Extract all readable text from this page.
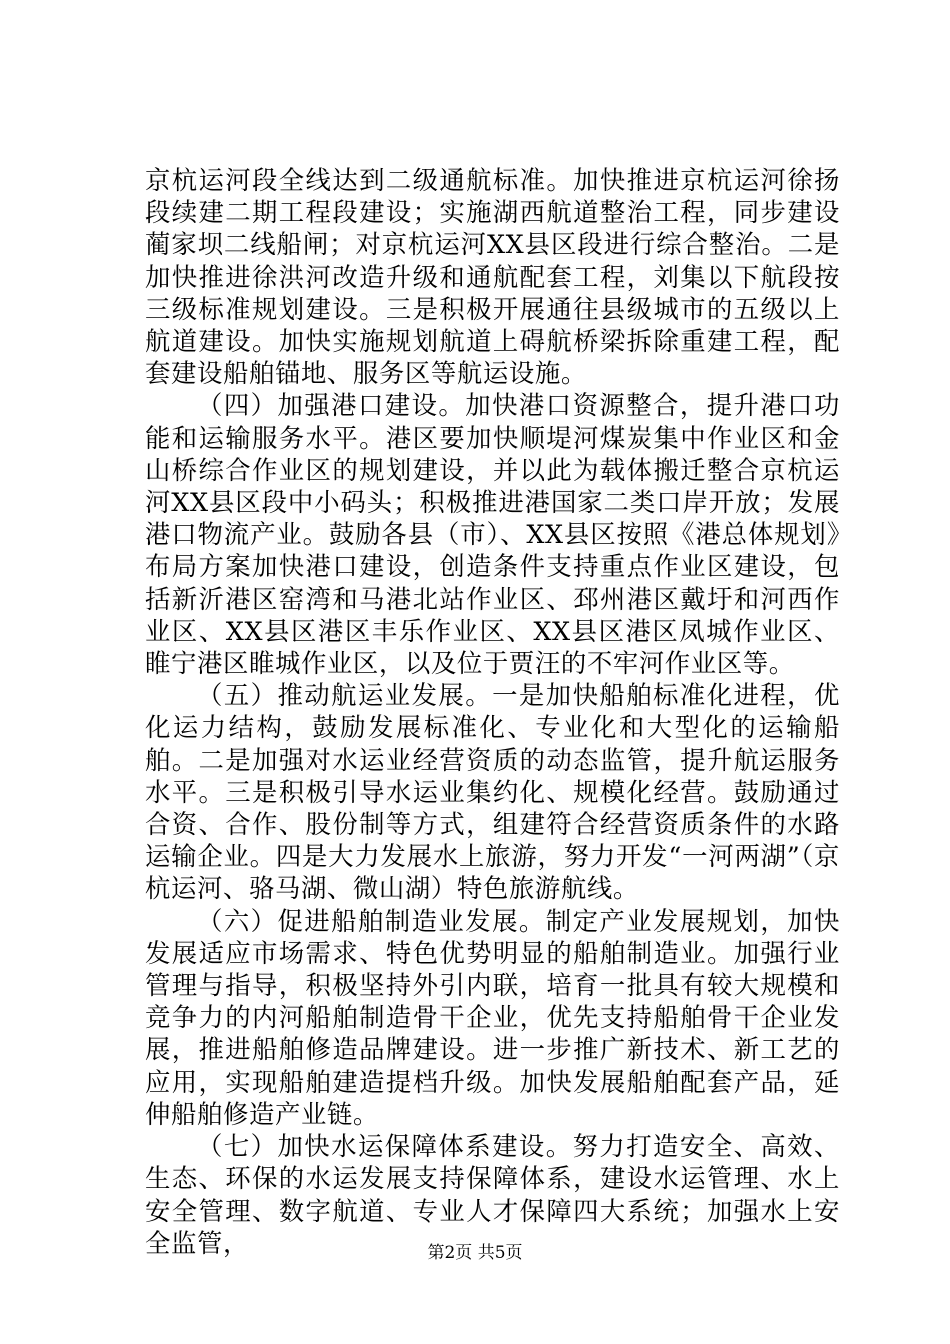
京杭运河段全线达到二级通航标准。加快推进京杭运河徐扬段续建二期工程段建设；实施湖西航道整治工程，同步建设蔺家坝二线船闸；对京杭运河XX县区段进行综合整治。二是加快推进徐洪河改造升级和通航配套工程，刘集以下航段按三级标准规划建设。三是积极开展通往县级城市的五级以上航道建设。加快实施规划航道上碍航桥梁拆除重建工程，配套建设船舶锚地、服务区等航运设施。

（四）加强港口建设。加快港口资源整合，提升港口功能和运输服务水平。港区要加快顺堤河煤炭集中作业区和金山桥综合作业区的规划建设，并以此为载体搬迁整合京杭运河XX县区段中小码头；积极推进港国家二类口岸开放；发展港口物流产业。鼓励各县（市）、XX县区按照《港总体规划》布局方案加快港口建设，创造条件支持重点作业区建设，包括新沂港区窑湾和马港北站作业区、邳州港区戴圩和河西作业区、XX县区港区丰乐作业区、XX县区港区凤城作业区、睢宁港区睢城作业区，以及位于贾汪的不牢河作业区等。

（五）推动航运业发展。一是加快船舶标准化进程，优化运力结构，鼓励发展标准化、专业化和大型化的运输船舶。二是加强对水运业经营资质的动态监管，提升航运服务水平。三是积极引导水运业集约化、规模化经营。鼓励通过合资、合作、股份制等方式，组建符合经营资质条件的水路运输企业。四是大力发展水上旅游，努力开发“一河两湖”（京杭运河、骆马湖、微山湖）特色旅游航线。

（六）促进船舶制造业发展。制定产业发展规划，加快发展适应市场需求、特色优势明显的船舶制造业。加强行业管理与指导，积极坚持外引内联，培育一批具有较大规模和竞争力的内河船舶制造骨干企业，优先支持船舶骨干企业发展，推进船舶修造品牌建设。进一步推广新技术、新工艺的应用，实现船舶建造提档升级。加快发展船舶配套产品，延伸船舶修造产业链。

（七）加快水运保障体系建设。努力打造安全、高效、生态、环保的水运发展支持保障体系，建设水运管理、水上安全管理、数字航道、专业人才保障四大系统；加强水上安全监管，	第2页 共5页
